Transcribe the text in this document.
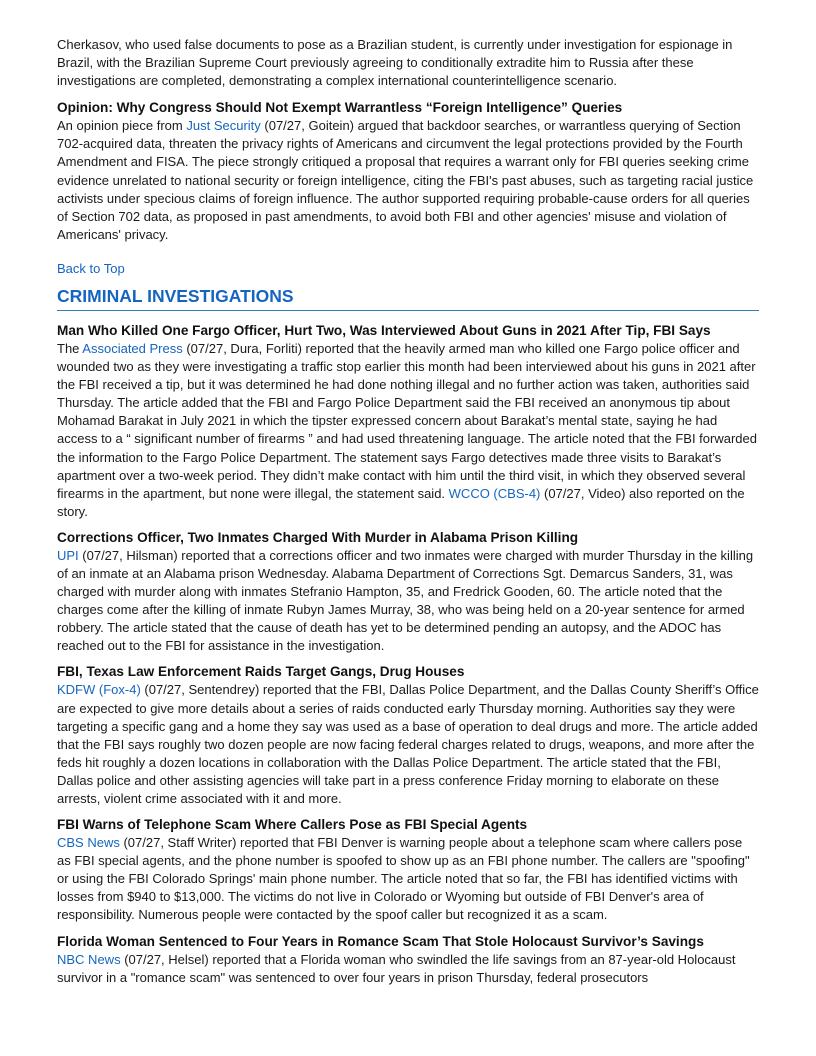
Cherkasov, who used false documents to pose as a Brazilian student, is currently under investigation for espionage in Brazil, with the Brazilian Supreme Court previously agreeing to conditionally extradite him to Russia after these investigations are completed, demonstrating a complex international counterintelligence scenario.

Opinion: Why Congress Should Not Exempt Warrantless “Foreign Intelligence” Queries

An opinion piece from Just Security (07/27, Goitein) argued that backdoor searches, or warrantless querying of Section 702-acquired data, threaten the privacy rights of Americans and circumvent the legal protections provided by the Fourth Amendment and FISA. The piece strongly critiqued a proposal that requires a warrant only for FBI queries seeking crime evidence unrelated to national security or foreign intelligence, citing the FBI's past abuses, such as targeting racial justice activists under specious claims of foreign influence. The author supported requiring probable-cause orders for all queries of Section 702 data, as proposed in past amendments, to avoid both FBI and other agencies' misuse and violation of Americans' privacy.

Back to Top
CRIMINAL INVESTIGATIONS
Man Who Killed One Fargo Officer, Hurt Two, Was Interviewed About Guns in 2021 After Tip, FBI Says

The Associated Press (07/27, Dura, Forliti) reported that the heavily armed man who killed one Fargo police officer and wounded two as they were investigating a traffic stop earlier this month had been interviewed about his guns in 2021 after the FBI received a tip, but it was determined he had done nothing illegal and no further action was taken, authorities said Thursday. The article added that the FBI and Fargo Police Department said the FBI received an anonymous tip about Mohamad Barakat in July 2021 in which the tipster expressed concern about Barakat’s mental state, saying he had access to a “ significant number of firearms ” and had used threatening language. The article noted that the FBI forwarded the information to the Fargo Police Department. The statement says Fargo detectives made three visits to Barakat’s apartment over a two-week period. They didn’t make contact with him until the third visit, in which they observed several firearms in the apartment, but none were illegal, the statement said. WCCO (CBS-4) (07/27, Video) also reported on the story.

Corrections Officer, Two Inmates Charged With Murder in Alabama Prison Killing

UPI (07/27, Hilsman) reported that a corrections officer and two inmates were charged with murder Thursday in the killing of an inmate at an Alabama prison Wednesday. Alabama Department of Corrections Sgt. Demarcus Sanders, 31, was charged with murder along with inmates Stefranio Hampton, 35, and Fredrick Gooden, 60. The article noted that the charges come after the killing of inmate Rubyn James Murray, 38, who was being held on a 20-year sentence for armed robbery. The article stated that the cause of death has yet to be determined pending an autopsy, and the ADOC has reached out to the FBI for assistance in the investigation.

FBI, Texas Law Enforcement Raids Target Gangs, Drug Houses

KDFW (Fox-4) (07/27, Sentendrey) reported that the FBI, Dallas Police Department, and the Dallas County Sheriff’s Office are expected to give more details about a series of raids conducted early Thursday morning. Authorities say they were targeting a specific gang and a home they say was used as a base of operation to deal drugs and more. The article added that the FBI says roughly two dozen people are now facing federal charges related to drugs, weapons, and more after the feds hit roughly a dozen locations in collaboration with the Dallas Police Department. The article stated that the FBI, Dallas police and other assisting agencies will take part in a press conference Friday morning to elaborate on these arrests, violent crime associated with it and more.

FBI Warns of Telephone Scam Where Callers Pose as FBI Special Agents

CBS News (07/27, Staff Writer) reported that FBI Denver is warning people about a telephone scam where callers pose as FBI special agents, and the phone number is spoofed to show up as an FBI phone number. The callers are "spoofing" or using the FBI Colorado Springs' main phone number. The article noted that so far, the FBI has identified victims with losses from $940 to $13,000. The victims do not live in Colorado or Wyoming but outside of FBI Denver's area of responsibility. Numerous people were contacted by the spoof caller but recognized it as a scam.

Florida Woman Sentenced to Four Years in Romance Scam That Stole Holocaust Survivor’s Savings

NBC News (07/27, Helsel) reported that a Florida woman who swindled the life savings from an 87-year-old Holocaust survivor in a "romance scam" was sentenced to over four years in prison Thursday, federal prosecutors
